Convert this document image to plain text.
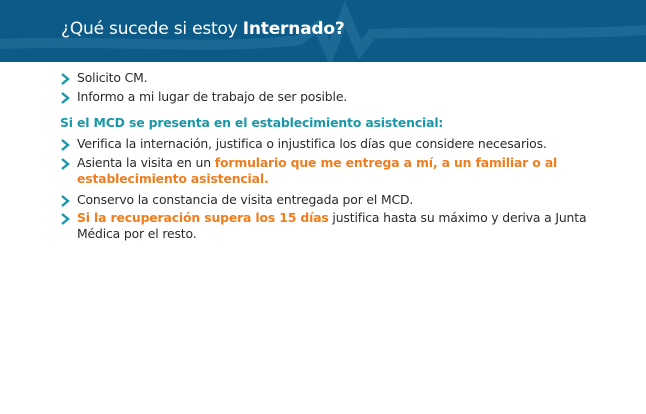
¿Qué sucede si estoy Internado?
Solicito CM.
Informo a mi lugar de trabajo de ser posible.
Si el MCD se presenta en el establecimiento asistencial:
Verifica la internación, justifica o injustifica los días que considere necesarios.
Asienta la visita en un formulario que me entrega a mí, a un familiar o al establecimiento asistencial.
Conservo la constancia de visita entregada por el MCD.
Si la recuperación supera los 15 días justifica hasta su máximo y deriva a Junta Médica por el resto.
